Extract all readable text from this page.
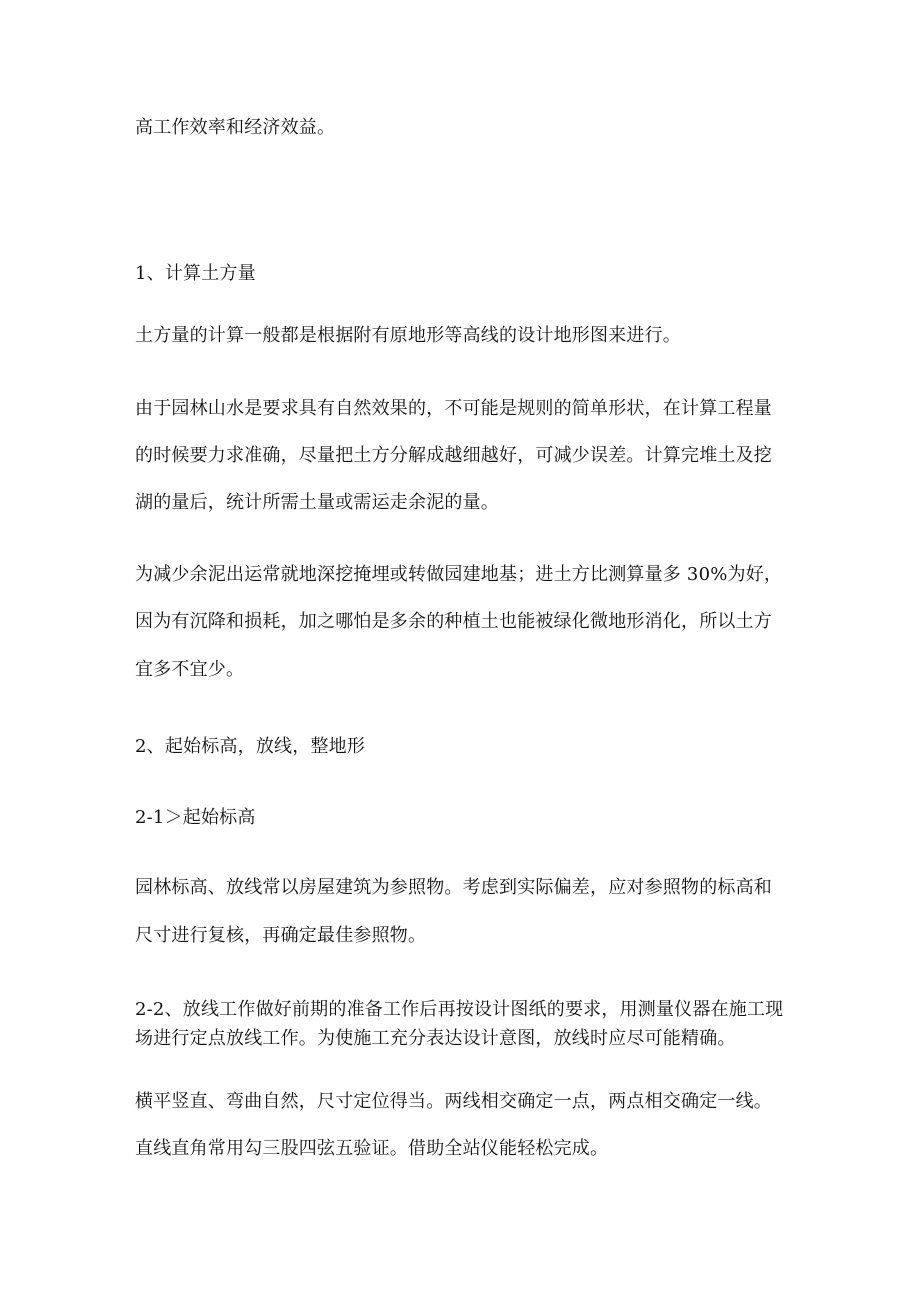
高工作效率和经济效益。
1、计算土方量
土方量的计算一般都是根据附有原地形等高线的设计地形图来进行。
由于园林山水是要求具有自然效果的，不可能是规则的简单形状，在计算工程量
的时候要力求准确，尽量把土方分解成越细越好，可减少误差。计算完堆土及挖
湖的量后，统计所需土量或需运走余泥的量。
为减少余泥出运常就地深挖掩埋或转做园建地基；进土方比测算量多 30%为好，
因为有沉降和损耗，加之哪怕是多余的种植土也能被绿化微地形消化，所以土方
宜多不宜少。
2、起始标高，放线，整地形
2-1＞起始标高
园林标高、放线常以房屋建筑为参照物。考虑到实际偏差，应对参照物的标高和
尺寸进行复核，再确定最佳参照物。
2-2、放线工作做好前期的准备工作后再按设计图纸的要求，用测量仪器在施工现
场进行定点放线工作。为使施工充分表达设计意图，放线时应尽可能精确。
横平竖直、弯曲自然，尺寸定位得当。两线相交确定一点，两点相交确定一线。
直线直角常用勾三股四弦五验证。借助全站仪能轻松完成。
